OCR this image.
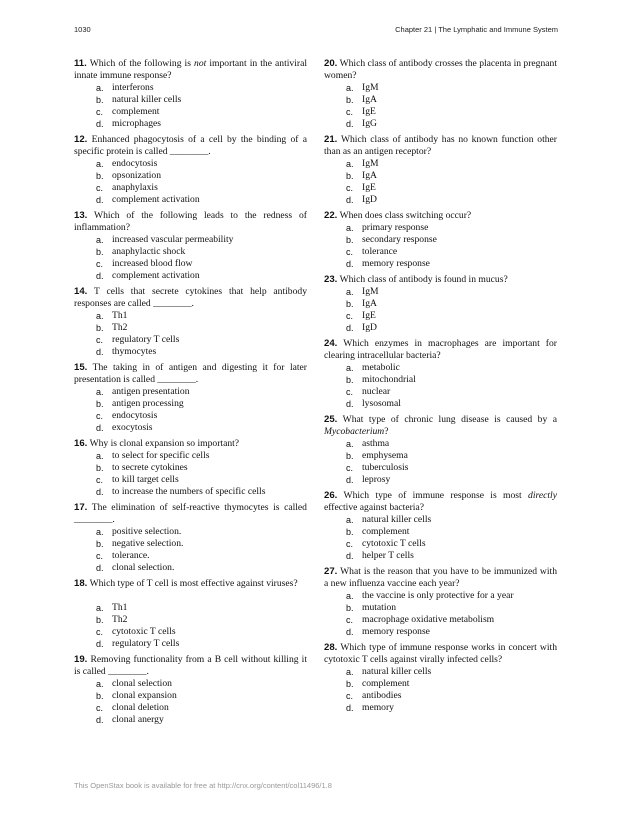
1030	Chapter 21 | The Lymphatic and Immune System
11. Which of the following is not important in the antiviral innate immune response?
a. interferons
b. natural killer cells
c. complement
d. microphages
12. Enhanced phagocytosis of a cell by the binding of a specific protein is called ________.
a. endocytosis
b. opsonization
c. anaphylaxis
d. complement activation
13. Which of the following leads to the redness of inflammation?
a. increased vascular permeability
b. anaphylactic shock
c. increased blood flow
d. complement activation
14. T cells that secrete cytokines that help antibody responses are called ________.
a. Th1
b. Th2
c. regulatory T cells
d. thymocytes
15. The taking in of antigen and digesting it for later presentation is called ________.
a. antigen presentation
b. antigen processing
c. endocytosis
d. exocytosis
16. Why is clonal expansion so important?
a. to select for specific cells
b. to secrete cytokines
c. to kill target cells
d. to increase the numbers of specific cells
17. The elimination of self-reactive thymocytes is called ________.
a. positive selection.
b. negative selection.
c. tolerance.
d. clonal selection.
18. Which type of T cell is most effective against viruses?
a. Th1
b. Th2
c. cytotoxic T cells
d. regulatory T cells
19. Removing functionality from a B cell without killing it is called ________.
a. clonal selection
b. clonal expansion
c. clonal deletion
d. clonal anergy
20. Which class of antibody crosses the placenta in pregnant women?
a. IgM
b. IgA
c. IgE
d. IgG
21. Which class of antibody has no known function other than as an antigen receptor?
a. IgM
b. IgA
c. IgE
d. IgD
22. When does class switching occur?
a. primary response
b. secondary response
c. tolerance
d. memory response
23. Which class of antibody is found in mucus?
a. IgM
b. IgA
c. IgE
d. IgD
24. Which enzymes in macrophages are important for clearing intracellular bacteria?
a. metabolic
b. mitochondrial
c. nuclear
d. lysosomal
25. What type of chronic lung disease is caused by a Mycobacterium?
a. asthma
b. emphysema
c. tuberculosis
d. leprosy
26. Which type of immune response is most directly effective against bacteria?
a. natural killer cells
b. complement
c. cytotoxic T cells
d. helper T cells
27. What is the reason that you have to be immunized with a new influenza vaccine each year?
a. the vaccine is only protective for a year
b. mutation
c. macrophage oxidative metabolism
d. memory response
28. Which type of immune response works in concert with cytotoxic T cells against virally infected cells?
a. natural killer cells
b. complement
c. antibodies
d. memory
This OpenStax book is available for free at http://cnx.org/content/col11496/1.8
